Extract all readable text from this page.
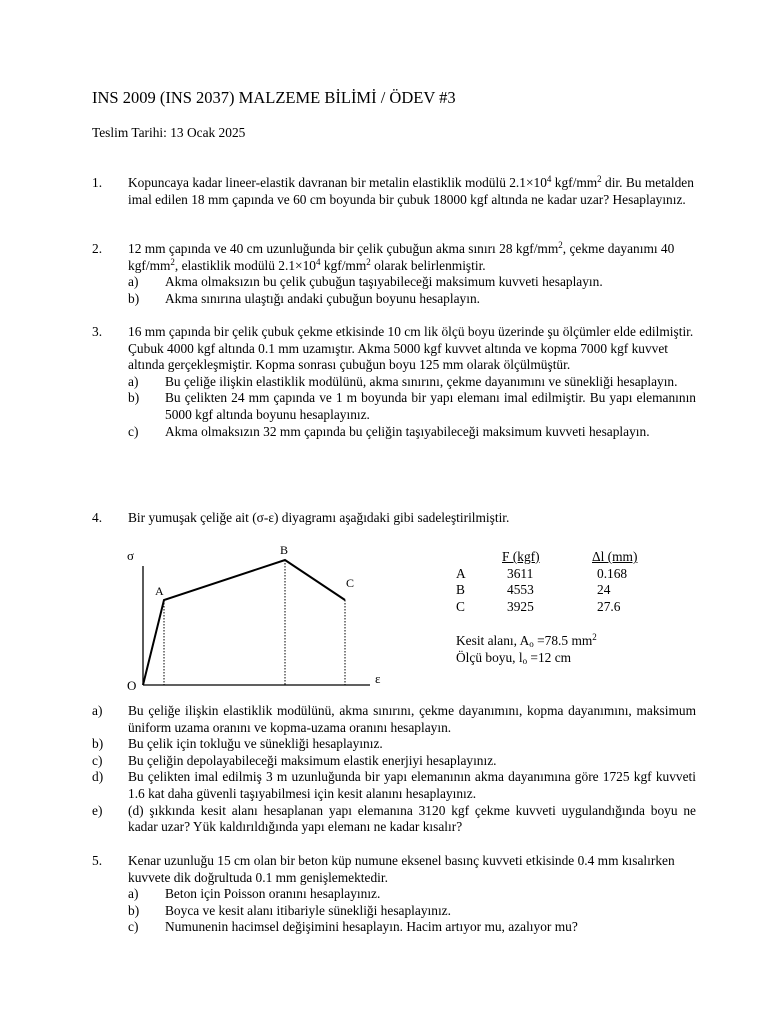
INS 2009 (INS 2037) MALZEME BİLİMİ / ÖDEV #3
Teslim Tarihi: 13 Ocak 2025
1. Kopuncaya kadar lineer-elastik davranan bir metalin elastiklik modülü $2.1\times 10^4$ kgf/$mm^2$ dir. Bu metalden imal edilen 18 mm çapında ve 60 cm boyunda bir çubuk 18000 kgf altında ne kadar uzar? Hesaplayınız.
2. 12 mm çapında ve 40 cm uzunluğunda bir çelik çubuğun akma sınırı 28 kgf/$mm^2$, çekme dayanımı 40 kgf/$mm^2$, elastiklik modülü $2.1\times 10^4$ kgf/$mm^2$ olarak belirlenmiştir.
a)	Akma olmaksızın bu çelik çubuğun taşıyabileceği maksimum kuvveti hesaplayın.
b)	Akma sınırına ulaştığı andaki çubuğun boyunu hesaplayın.
3. 16 mm çapında bir çelik çubuk çekme etkisinde 10 cm lik ölçü boyu üzerinde şu ölçümler elde edilmiştir. Çubuk 4000 kgf altında 0.1 mm uzamıştır. Akma 5000 kgf kuvvet altında ve kopma 7000 kgf kuvvet altında gerçekleşmiştir. Kopma sonrası çubuğun boyu 125 mm olarak ölçülmüştür.
a)	Bu çeliğe ilişkin elastiklik modülünü, akma sınırını, çekme dayanımını ve sünekliği hesaplayın.
b)	Bu çelikten 24 mm çapında ve 1 m boyunda bir yapı elemanı imal edilmiştir. Bu yapı elemanının 5000 kgf altında boyunu hesaplayınız.
c)	Akma olmaksızın 32 mm çapında bu çeliğin taşıyabileceği maksimum kuvveti hesaplayın.
4. Bir yumuşak çeliğe ait (σ-ε) diyagramı aşağıdaki gibi sadeleştirilmiştir.
σ
ε
O
A
B
C
F (kgf)	Δl (mm)
A	3611	0.168
B	4553	24
C	3925	27.6
Kesit alanı, $A_o =78.5$ $mm^2$
Ölçü boyu, $l_o =12$ cm
a)	Bu çeliğe ilişkin elastiklik modülünü, akma sınırını, çekme dayanımını, kopma dayanımını, maksimum üniform uzama oranını ve kopma-uzama oranını hesaplayın.
b)	Bu çelik için tokluğu ve sünekliği hesaplayınız.
c)	Bu çeliğin depolayabileceği maksimum elastik enerjiyi hesaplayınız.
d)	Bu çelikten imal edilmiş 3 m uzunluğunda bir yapı elemanının akma dayanımına göre 1725 kgf kuvveti 1.6 kat daha güvenli taşıyabilmesi için kesit alanını hesaplayınız.
e)	(d) şıkkında kesit alanı hesaplanan yapı elemanına 3120 kgf çekme kuvveti uygulandığında boyu ne kadar uzar? Yük kaldırıldığında yapı elemanı ne kadar kısalır?
5. Kenar uzunluğu 15 cm olan bir beton küp numune eksenel basınç kuvveti etkisinde 0.4 mm kısalırken kuvvete dik doğrultuda 0.1 mm genişlemektedir.
a)	Beton için Poisson oranını hesaplayınız.
b)	Boyca ve kesit alanı itibariyle sünekliği hesaplayınız.
c)	Numunenin hacimsel değişimini hesaplayın. Hacim artıyor mu, azalıyor mu?
